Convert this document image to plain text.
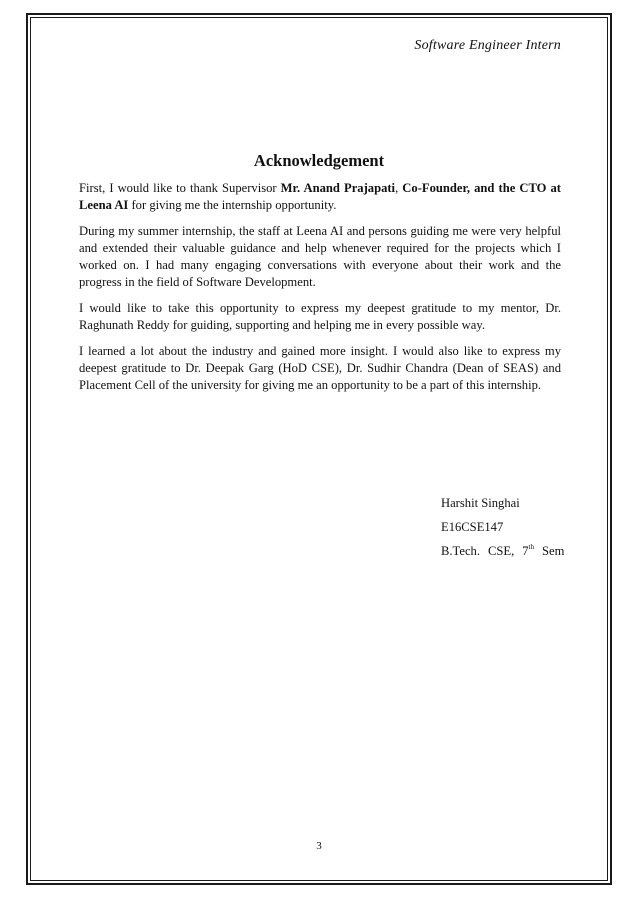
Software Engineer Intern
Acknowledgement

First, I would like to thank Supervisor Mr. Anand Prajapati, Co-Founder, and the CTO at Leena AI for giving me the internship opportunity.

During my summer internship, the staff at Leena AI and persons guiding me were very helpful and extended their valuable guidance and help whenever required for the projects which I worked on. I had many engaging conversations with everyone about their work and the progress in the field of Software Development.

I would like to take this opportunity to express my deepest gratitude to my mentor, Dr. Raghunath Reddy for guiding, supporting and helping me in every possible way.

I learned a lot about the industry and gained more insight. I would also like to express my deepest gratitude to Dr. Deepak Garg (HoD CSE), Dr. Sudhir Chandra (Dean of SEAS) and Placement Cell of the university for giving me an opportunity to be a part of this internship.

Harshit Singhai
E16CSE147
B.Tech. CSE, 7th Sem
3
